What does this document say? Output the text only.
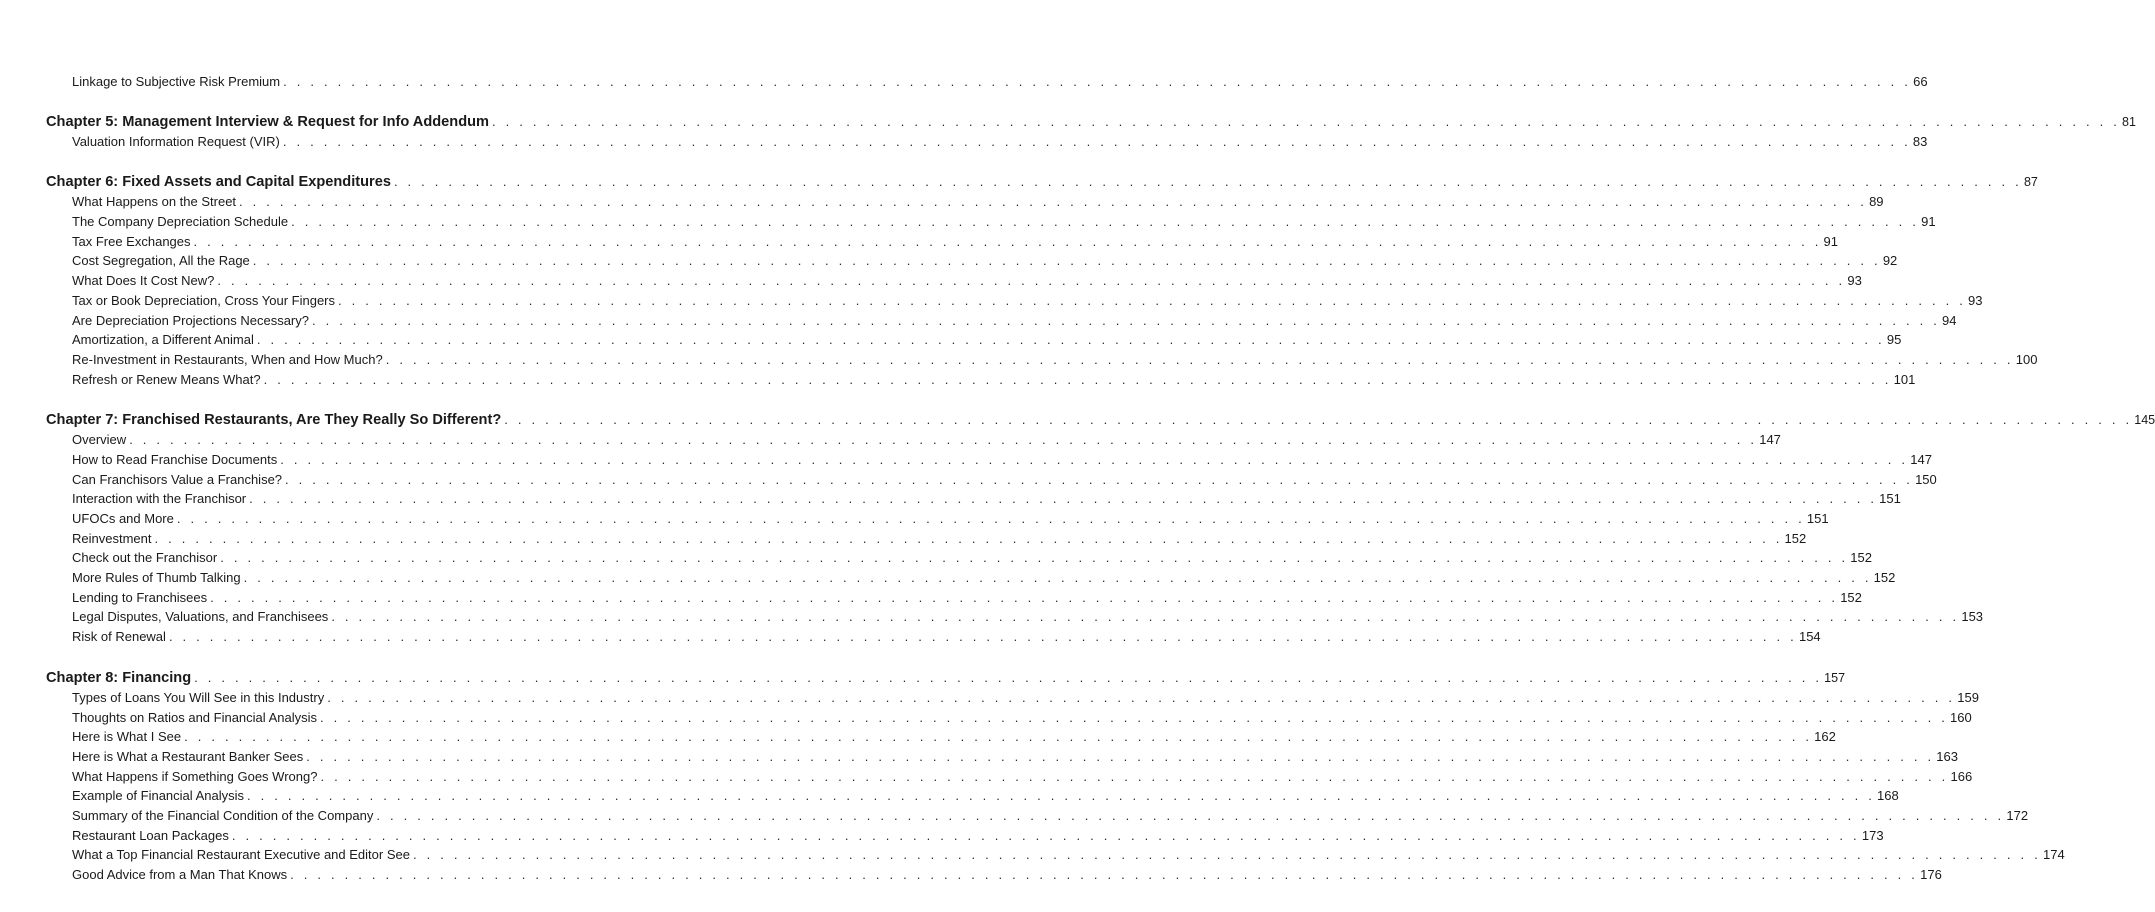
Linkage to Subjective Risk Premium . . . . . . . . . . . . . . . . . . . . . . . . . . . . . . . . . . . . . . . . . . . . . . . . . . . . . . . . . . . . . . . . . . . . . . . . . . . . . . . . . . . . . . . . . . . . . . . . . . . . . . . . . . . . . . . . . . . . . . . . 66
Chapter 5: Management Interview & Request for Info Addendum . . . . . . . . . . . . . . . . . . . . . . . . . . . . . . . . . . . . . . . . . . . . . . . . . . . . . . . . . . . . . . . . . . . . . . . . . . . . . . . . . . . . . . . . . . . . . . . . . . . . . . . . . . . . . . . . . . . . . . . . 81
Valuation Information Request (VIR) . . . . . . . . . . . . . . . . . . . . . . . . . . . . . . . . . . . . . . . . . . . . . . . . . . . . . . . . . . . . . . . . . . . . . . . . . . . . . . . . . . . . . . . . . . . . . . . . . . . . . . . . . . . . . . . . . . . . . . . . 83
Chapter 6: Fixed Assets and Capital Expenditures . . . . . . . . . . . . . . . . . . . . . . . . . . . . . . . . . . . . . . . . . . . . . . . . . . . . . . . . . . . . . . . . . . . . . . . . . . . . . . . . . . . . . . . . . . . . . . . . . . . . . . . . . . . . . . . . . . . . . . . . 87
What Happens on the Street . . . . . . . . . . . . . . . . . . . . . . . . . . . . . . . . . . . . . . . . . . . . . . . . . . . . . . . . . . . . . . . . . . . . . . . . . . . . . . . . . . . . . . . . . . . . . . . . . . . . . . . . . . . . . . . . . . . . . . . . 89
The Company Depreciation Schedule . . . . . . . . . . . . . . . . . . . . . . . . . . . . . . . . . . . . . . . . . . . . . . . . . . . . . . . . . . . . . . . . . . . . . . . . . . . . . . . . . . . . . . . . . . . . . . . . . . . . . . . . . . . . . . . . . . . . . . . . 91
Tax Free Exchanges . . . . . . . . . . . . . . . . . . . . . . . . . . . . . . . . . . . . . . . . . . . . . . . . . . . . . . . . . . . . . . . . . . . . . . . . . . . . . . . . . . . . . . . . . . . . . . . . . . . . . . . . . . . . . . . . . . . . . . . . 91
Cost Segregation, All the Rage . . . . . . . . . . . . . . . . . . . . . . . . . . . . . . . . . . . . . . . . . . . . . . . . . . . . . . . . . . . . . . . . . . . . . . . . . . . . . . . . . . . . . . . . . . . . . . . . . . . . . . . . . . . . . . . . . . . . . . . . 92
What Does It Cost New? . . . . . . . . . . . . . . . . . . . . . . . . . . . . . . . . . . . . . . . . . . . . . . . . . . . . . . . . . . . . . . . . . . . . . . . . . . . . . . . . . . . . . . . . . . . . . . . . . . . . . . . . . . . . . . . . . . . . . . . . 93
Tax or Book Depreciation, Cross Your Fingers . . . . . . . . . . . . . . . . . . . . . . . . . . . . . . . . . . . . . . . . . . . . . . . . . . . . . . . . . . . . . . . . . . . . . . . . . . . . . . . . . . . . . . . . . . . . . . . . . . . . . . . . . . . . . . . . . . . . . . . . 93
Are Depreciation Projections Necessary? . . . . . . . . . . . . . . . . . . . . . . . . . . . . . . . . . . . . . . . . . . . . . . . . . . . . . . . . . . . . . . . . . . . . . . . . . . . . . . . . . . . . . . . . . . . . . . . . . . . . . . . . . . . . . . . . . . . . . . . . 94
Amortization, a Different Animal . . . . . . . . . . . . . . . . . . . . . . . . . . . . . . . . . . . . . . . . . . . . . . . . . . . . . . . . . . . . . . . . . . . . . . . . . . . . . . . . . . . . . . . . . . . . . . . . . . . . . . . . . . . . . . . . . . . . . . . . 95
Re-Investment in Restaurants, When and How Much? . . . . . . . . . . . . . . . . . . . . . . . . . . . . . . . . . . . . . . . . . . . . . . . . . . . . . . . . . . . . . . . . . . . . . . . . . . . . . . . . . . . . . . . . . . . . . . . . . . . . . . . . . . . . . . . . . . . . . . . . 100
Refresh or Renew Means What? . . . . . . . . . . . . . . . . . . . . . . . . . . . . . . . . . . . . . . . . . . . . . . . . . . . . . . . . . . . . . . . . . . . . . . . . . . . . . . . . . . . . . . . . . . . . . . . . . . . . . . . . . . . . . . . . . . . . . . . . 101
Chapter 7: Franchised Restaurants, Are They Really So Different? . . . . . . . . . . . . . . . . . . . . . . . . . . . . . . . . . . . . . . . . . . . . . . . . . . . . . . . . . . . . . . . . . . . . . . . . . . . . . . . . . . . . . . . . . . . . . . . . . . . . . . . . . . . . . . . . . . . . . . . . 145
Overview . . . . . . . . . . . . . . . . . . . . . . . . . . . . . . . . . . . . . . . . . . . . . . . . . . . . . . . . . . . . . . . . . . . . . . . . . . . . . . . . . . . . . . . . . . . . . . . . . . . . . . . . . . . . . . . . . . . . . . . . 147
How to Read Franchise Documents . . . . . . . . . . . . . . . . . . . . . . . . . . . . . . . . . . . . . . . . . . . . . . . . . . . . . . . . . . . . . . . . . . . . . . . . . . . . . . . . . . . . . . . . . . . . . . . . . . . . . . . . . . . . . . . . . . . . . . . . 147
Can Franchisors Value a Franchise? . . . . . . . . . . . . . . . . . . . . . . . . . . . . . . . . . . . . . . . . . . . . . . . . . . . . . . . . . . . . . . . . . . . . . . . . . . . . . . . . . . . . . . . . . . . . . . . . . . . . . . . . . . . . . . . . . . . . . . . . 150
Interaction with the Franchisor . . . . . . . . . . . . . . . . . . . . . . . . . . . . . . . . . . . . . . . . . . . . . . . . . . . . . . . . . . . . . . . . . . . . . . . . . . . . . . . . . . . . . . . . . . . . . . . . . . . . . . . . . . . . . . . . . . . . . . . . 151
UFOCs and More . . . . . . . . . . . . . . . . . . . . . . . . . . . . . . . . . . . . . . . . . . . . . . . . . . . . . . . . . . . . . . . . . . . . . . . . . . . . . . . . . . . . . . . . . . . . . . . . . . . . . . . . . . . . . . . . . . . . . . . . 151
Reinvestment . . . . . . . . . . . . . . . . . . . . . . . . . . . . . . . . . . . . . . . . . . . . . . . . . . . . . . . . . . . . . . . . . . . . . . . . . . . . . . . . . . . . . . . . . . . . . . . . . . . . . . . . . . . . . . . . . . . . . . . . 152
Check out the Franchisor . . . . . . . . . . . . . . . . . . . . . . . . . . . . . . . . . . . . . . . . . . . . . . . . . . . . . . . . . . . . . . . . . . . . . . . . . . . . . . . . . . . . . . . . . . . . . . . . . . . . . . . . . . . . . . . . . . . . . . . . 152
More Rules of Thumb Talking . . . . . . . . . . . . . . . . . . . . . . . . . . . . . . . . . . . . . . . . . . . . . . . . . . . . . . . . . . . . . . . . . . . . . . . . . . . . . . . . . . . . . . . . . . . . . . . . . . . . . . . . . . . . . . . . . . . . . . . . 152
Lending to Franchisees . . . . . . . . . . . . . . . . . . . . . . . . . . . . . . . . . . . . . . . . . . . . . . . . . . . . . . . . . . . . . . . . . . . . . . . . . . . . . . . . . . . . . . . . . . . . . . . . . . . . . . . . . . . . . . . . . . . . . . . . 152
Legal Disputes, Valuations, and Franchisees . . . . . . . . . . . . . . . . . . . . . . . . . . . . . . . . . . . . . . . . . . . . . . . . . . . . . . . . . . . . . . . . . . . . . . . . . . . . . . . . . . . . . . . . . . . . . . . . . . . . . . . . . . . . . . . . . . . . . . . . 153
Risk of Renewal . . . . . . . . . . . . . . . . . . . . . . . . . . . . . . . . . . . . . . . . . . . . . . . . . . . . . . . . . . . . . . . . . . . . . . . . . . . . . . . . . . . . . . . . . . . . . . . . . . . . . . . . . . . . . . . . . . . . . . . . 154
Chapter 8: Financing . . . . . . . . . . . . . . . . . . . . . . . . . . . . . . . . . . . . . . . . . . . . . . . . . . . . . . . . . . . . . . . . . . . . . . . . . . . . . . . . . . . . . . . . . . . . . . . . . . . . . . . . . . . . . . . . . . . . . . . . 157
Types of Loans You Will See in this Industry . . . . . . . . . . . . . . . . . . . . . . . . . . . . . . . . . . . . . . . . . . . . . . . . . . . . . . . . . . . . . . . . . . . . . . . . . . . . . . . . . . . . . . . . . . . . . . . . . . . . . . . . . . . . . . . . . . . . . . . . 159
Thoughts on Ratios and Financial Analysis . . . . . . . . . . . . . . . . . . . . . . . . . . . . . . . . . . . . . . . . . . . . . . . . . . . . . . . . . . . . . . . . . . . . . . . . . . . . . . . . . . . . . . . . . . . . . . . . . . . . . . . . . . . . . . . . . . . . . . . . 160
Here is What I See . . . . . . . . . . . . . . . . . . . . . . . . . . . . . . . . . . . . . . . . . . . . . . . . . . . . . . . . . . . . . . . . . . . . . . . . . . . . . . . . . . . . . . . . . . . . . . . . . . . . . . . . . . . . . . . . . . . . . . . . 162
Here is What a Restaurant Banker Sees . . . . . . . . . . . . . . . . . . . . . . . . . . . . . . . . . . . . . . . . . . . . . . . . . . . . . . . . . . . . . . . . . . . . . . . . . . . . . . . . . . . . . . . . . . . . . . . . . . . . . . . . . . . . . . . . . . . . . . . . 163
What Happens if Something Goes Wrong? . . . . . . . . . . . . . . . . . . . . . . . . . . . . . . . . . . . . . . . . . . . . . . . . . . . . . . . . . . . . . . . . . . . . . . . . . . . . . . . . . . . . . . . . . . . . . . . . . . . . . . . . . . . . . . . . . . . . . . . . 166
Example of Financial Analysis . . . . . . . . . . . . . . . . . . . . . . . . . . . . . . . . . . . . . . . . . . . . . . . . . . . . . . . . . . . . . . . . . . . . . . . . . . . . . . . . . . . . . . . . . . . . . . . . . . . . . . . . . . . . . . . . . . . . . . . . 168
Summary of the Financial Condition of the Company . . . . . . . . . . . . . . . . . . . . . . . . . . . . . . . . . . . . . . . . . . . . . . . . . . . . . . . . . . . . . . . . . . . . . . . . . . . . . . . . . . . . . . . . . . . . . . . . . . . . . . . . . . . . . . . . . . . . . . . . 172
Restaurant Loan Packages . . . . . . . . . . . . . . . . . . . . . . . . . . . . . . . . . . . . . . . . . . . . . . . . . . . . . . . . . . . . . . . . . . . . . . . . . . . . . . . . . . . . . . . . . . . . . . . . . . . . . . . . . . . . . . . . . . . . . . . . 173
What a Top Financial Restaurant Executive and Editor See . . . . . . . . . . . . . . . . . . . . . . . . . . . . . . . . . . . . . . . . . . . . . . . . . . . . . . . . . . . . . . . . . . . . . . . . . . . . . . . . . . . . . . . . . . . . . . . . . . . . . . . . . . . . . . . . . . . . . . . . 174
Good Advice from a Man That Knows . . . . . . . . . . . . . . . . . . . . . . . . . . . . . . . . . . . . . . . . . . . . . . . . . . . . . . . . . . . . . . . . . . . . . . . . . . . . . . . . . . . . . . . . . . . . . . . . . . . . . . . . . . . . . . . . . . . . . . . . 176
